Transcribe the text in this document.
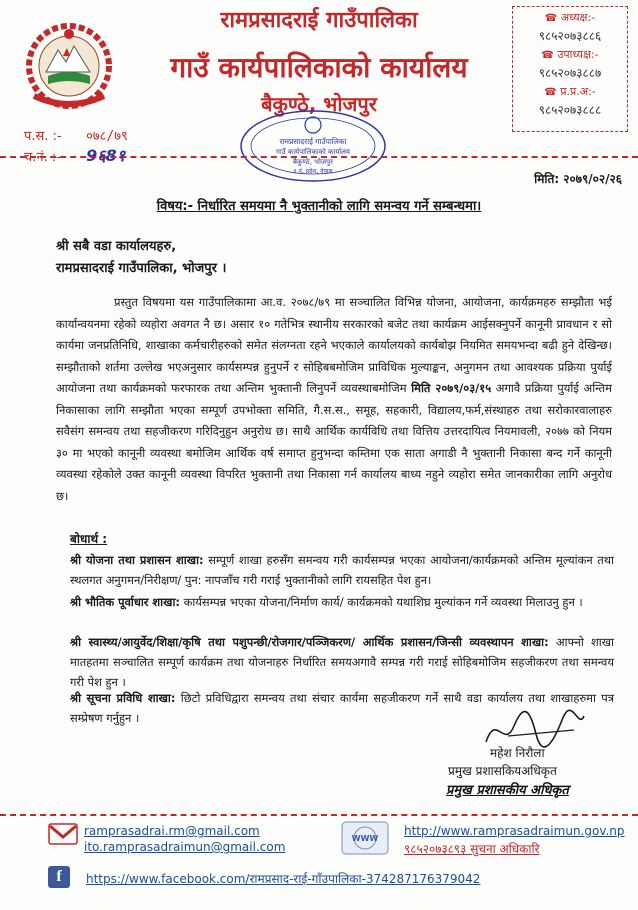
रामप्रसादराई गाउँपालिका
गाउँ कार्यपालिकाको कार्यालय
बैकुण्ठे, भोजपुर
प.स. :- ०७८/७९
च.नं. :- 9६8१
☎ अध्यक्ष:-
९८५२०७३८८६
☎ उपाध्यक्ष:-
९८५२०७३८८७
☎ प्र.प्र.अ:-
९८५२०७३८८८
रामप्रसादराई गाउँपालिका
गाउँ कार्यपालिकाको कार्यालय
बैकुण्ठे, भोजपुर
१ नं. प्रदेश, नेपाल
मिति: २०७९/०२/२६
विषय:- निर्धारित समयमा नै भुक्तानीको लागि समन्वय गर्ने सम्बन्धमा।
श्री सबै वडा कार्यालयहरु,
रामप्रसादराई गाउँपालिका, भोजपुर ।
प्रस्तुत विषयमा यस गाउँपालिकामा आ.व. २०७८/७९ मा सञ्चालित विभिन्न योजना, आयोजना, कार्यक्रमहरु सम्झौता भई कार्यान्वयनमा रहेको व्यहोरा अवगत नै छ। असार १० गतेभित्र स्थानीय सरकारको बजेट तथा कार्यक्रम आईसक्नुपर्ने कानूनी प्रावधान र सो कार्यमा जनप्रतिनिधि, शाखाका कर्मचारीहरुको समेत संलग्नता रहने भएकाले कार्यालयको कार्यबोझ नियमित समयभन्दा बढी हुने देखिन्छ। सम्झौताको शर्तमा उल्लेख भएअनुसार कार्यसम्पन्न हुनुपर्ने र सोहिबबमोजिम प्राविधिक मुल्याङ्कन, अनुगमन तथा आवश्यक प्रक्रिया पुर्याई आयोजना तथा कार्यक्रमको फरफारक तथा अन्तिम भुक्तानी लिनुपर्ने व्यवस्थाबमोजिम मिति २०७९/०३/१५ अगावै प्रक्रिया पुर्याई अन्तिम निकासाका लागि सम्झौता भएका सम्पूर्ण उपभोक्ता समिति, गै.स.स., समूह, सहकारी, विद्यालय,फर्म,संस्थाहरु तथा सरोकारवालाहरु सवैसंग समन्वय तथा सहजीकरण गरिदिनुहुन अनुरोध छ। साथै आर्थिक कार्यविधि तथा वित्तिय उत्तरदायित्व नियमावली, २०७७ को नियम ३० मा भएको कानूनी व्यवस्था बमोजिम आर्थिक वर्ष समाप्त हुनुभन्दा कम्तिमा एक साता अगाडी नै भुक्तानी निकासा बन्द गर्ने कानूनी व्यवस्था रहेकोले उक्त कानूनी व्यवस्था विपरित भुक्तानी तथा निकासा गर्न कार्यालय बाध्य नहुने व्यहोरा समेत जानकारीका लागि अनुरोध छ।
बोधार्थ :
श्री योजना तथा प्रशासन शाखा: सम्पूर्ण शाखा हरुसँग समन्वय गरी कार्यसम्पन्न भएका आयोजना/कार्यक्रमको अन्तिम मूल्यांकन तथा स्थलगत अनुगमन/निरीक्षण/ पुन: नापजाँच गरी गराई भुक्तानीको लागि रायसहित पेश हुन।
श्री भौतिक पूर्वाधार शाखा: कार्यसम्पन्न भएका योजना/निर्माण कार्य/ कार्यक्रमको यथाशिघ्र मुल्यांकन गर्ने व्यवस्था मिलाउनु हुन ।
श्री स्वास्थ्य/आयुर्वेद/शिक्षा/कृषि तथा पशुपन्छी/रोजगार/पञ्जिकरण/ आर्थिक प्रशासन/जिन्सी व्यवस्थापन शाखा: आफ्नो शाखा मातहतमा सञ्चालित सम्पूर्ण कार्यक्रम तथा योजनाहरु निर्धारित समयअगावै सम्पन्न गरी गराई सोहिबमोजिम सहजीकरण तथा समन्वय गरी पेश हुन ।
श्री सूचना प्रविधि शाखा: छिटो प्रविधिद्वारा समन्वय तथा संचार कार्यमा सहजीकरण गर्ने साथै वडा कार्यालय तथा शाखाहरुमा पत्र सम्प्रेषण गर्नुहुन ।
महेश निरौला
प्रमुख प्रशासकियअधिकृत
प्रमुख प्रशासकीय अधिकृत
ramprasadrai.rm@gmail.com
ito.ramprasadraimun@gmail.com
WWW
http://www.ramprasadraimun.gov.np
९८५२०७३८९३ सुचना अधिकारि
f	https://www.facebook.com/रामप्रसाद-राई-गाँउपालिका-374287176379042
